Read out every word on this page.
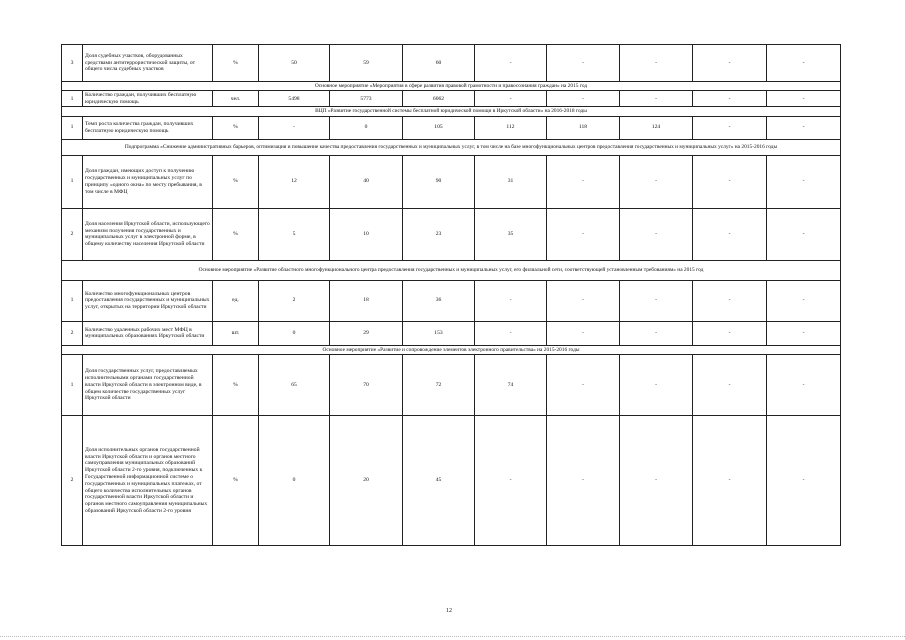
3	Доля судебных участков, оборудованных средствами антитеррористической защиты, от общего числа судебных участков	%	50	59	60	-	-	-	-	-
Основное мероприятие «Мероприятия в сфере развития правовой грамотности и правосознания граждан» на 2015 год										
1	Количество граждан, получивших бесплатную юридическую помощь	чел.	5498	5773	6062	-	-	-	-	-
ВЦП «Развитие государственной системы бесплатной юридической помощи в Иркутской области» на 2016-2018 годы										
1	Темп роста количества граждан, получивших бесплатную юридическую помощь	%	-	0	105	112	118	124	-	-
Подпрограмма «Снижение административных барьеров, оптимизация и повышение качества предоставления государственных и муниципальных услуг, в том числе на базе многофункциональных центров предоставления государственных и муниципальных услуг» на 2015-2016 годы										
1	Доля граждан, имеющих доступ к получению государственных и муниципальных услуг по принципу «одного окна» по месту пребывания, в том числе в МФЦ	%	12	40	90	31	-	-	-	-
2	Доля населения Иркутской области, использующего механизм получения государственных и муниципальных услуг в электронной форме, в общему количеству населения Иркутской области	%	5	10	23	35	-	-	-	-
Основное мероприятие «Развитие областного многофункционального центра предоставления государственных и муниципальных услуг, его филиальной сети, соответствующей установленным требованиям» на 2015 год										
1	Количество многофункциональных центров предоставления государственных и муниципальных услуг, открытых на территории Иркутской области	ед.	2	18	36	-	-	-	-	-
2	Количество удаленных рабочих мест МФЦ в муниципальных образованиях Иркутской области	шт.	0	29	153	-	-	-	-	-
Основное мероприятие «Развитие и сопровождение элементов электронного правительства» на 2015-2016 годы										
1	Доля государственных услуг, предоставляемых исполнительными органами государственной власти Иркутской области в электронном виде, в общем количестве государственных услуг Иркутской области	%	65	70	72	74	-	-	-	-
2	Доля исполнительных органов государственной власти Иркутской области и органов местного самоуправления муниципальных образований Иркутской области 2-го уровня, подключенных к Государственной информационной системе о государственных и муниципальных платежах, от общего количества исполнительных органов государственной власти Иркутской области и органов местного самоуправления муниципальных образований Иркутской области 2-го уровня	%	0	20	45	-	-	-	-	-
12
